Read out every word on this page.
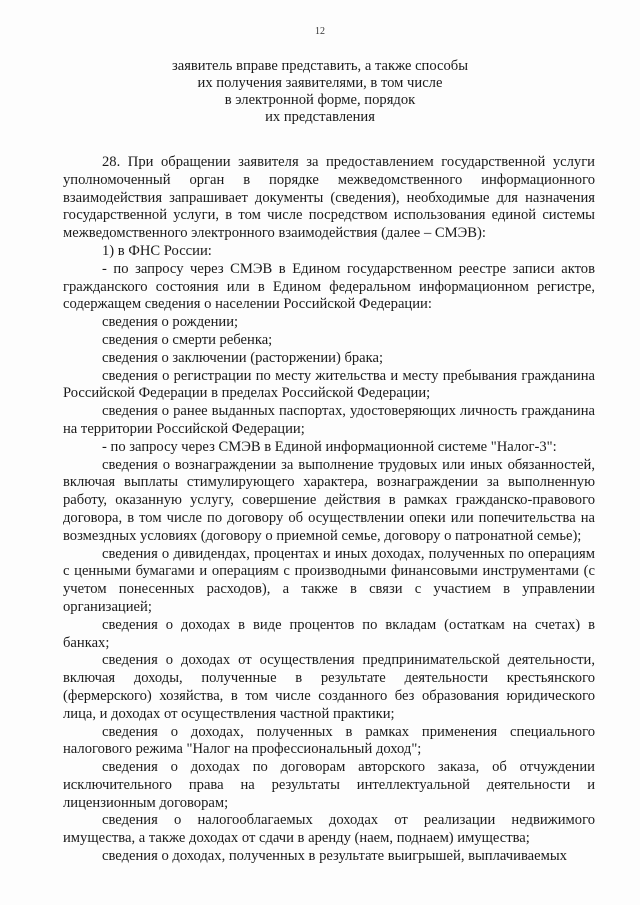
12
заявитель вправе представить, а также способы
их получения заявителями, в том числе
в электронной форме, порядок
их представления

28. При обращении заявителя за предоставлением государственной услуги уполномоченный орган в порядке межведомственного информационного взаимодействия запрашивает документы (сведения), необходимые для назначения государственной услуги, в том числе посредством использования единой системы межведомственного электронного взаимодействия (далее – СМЭВ):

1) в ФНС России:

- по запросу через СМЭВ в Едином государственном реестре записи актов гражданского состояния или в Едином федеральном информационном регистре, содержащем сведения о населении Российской Федерации:

сведения о рождении;

сведения о смерти ребенка;

сведения о заключении (расторжении) брака;

сведения о регистрации по месту жительства и месту пребывания гражданина Российской Федерации в пределах Российской Федерации;

сведения о ранее выданных паспортах, удостоверяющих личность гражданина на территории Российской Федерации;

- по запросу через СМЭВ в Единой информационной системе "Налог-3":

сведения о вознаграждении за выполнение трудовых или иных обязанностей, включая выплаты стимулирующего характера, вознаграждении за выполненную работу, оказанную услугу, совершение действия в рамках гражданско-правового договора, в том числе по договору об осуществлении опеки или попечительства на возмездных условиях (договору о приемной семье, договору о патронатной семье);

сведения о дивидендах, процентах и иных доходах, полученных по операциям с ценными бумагами и операциям с производными финансовыми инструментами (с учетом понесенных расходов), а также в связи с участием в управлении организацией;

сведения о доходах в виде процентов по вкладам (остаткам на счетах) в банках;

сведения о доходах от осуществления предпринимательской деятельности, включая доходы, полученные в результате деятельности крестьянского (фермерского) хозяйства, в том числе созданного без образования юридического лица, и доходах от осуществления частной практики;

сведения о доходах, полученных в рамках применения специального налогового режима "Налог на профессиональный доход";

сведения о доходах по договорам авторского заказа, об отчуждении исключительного права на результаты интеллектуальной деятельности и лицензионным договорам;

сведения о налогооблагаемых доходах от реализации недвижимого имущества, а также доходах от сдачи в аренду (наем, поднаем) имущества;

сведения о доходах, полученных в результате выигрышей, выплачиваемых
